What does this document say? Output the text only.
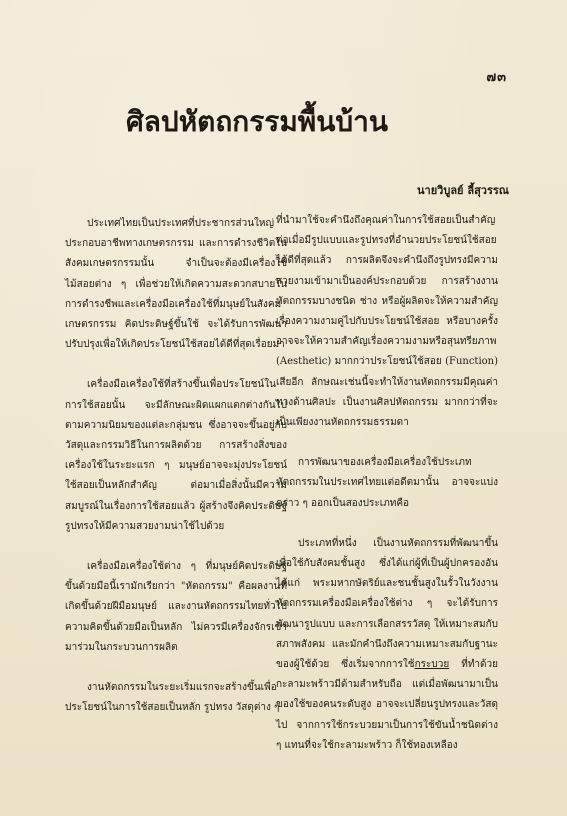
๗๓
ศิลปหัตถกรรมพื้นบ้าน
นายวิบูลย์ ลี้สุวรรณ

ประเทศไทยเป็นประเทศที่ประชากรส่วนใหญ่ประกอบอาชีพทางเกษตรกรรม และการดำรงชีวิตในสังคมเกษตรกรรมนั้น จำเป็นจะต้องมีเครื่องใช้ไม้สอยต่าง ๆ เพื่อช่วยให้เกิดความสะดวกสบายในการดำรงชีพและเครื่องมือเครื่องใช้ที่มนุษย์ในสังคมเกษตรกรรม คิดประดิษฐ์ขึ้นใช้ จะได้รับการพัฒนาปรับปรุงเพื่อให้เกิดประโยชน์ใช้สอยได้ดีที่สุดเรื่อยมา

เครื่องมือเครื่องใช้ที่สร้างขึ้นเพื่อประโยชน์ในการใช้สอยนั้น จะมีลักษณะผิดแผกแตกต่างกันไป ตามความนิยมของแต่ละกลุ่มชน ซึ่งอาจจะขึ้นอยู่กับวัสดุและกรรมวิธีในการผลิตด้วย การสร้างสิ่งของเครื่องใช้ในระยะแรก ๆ มนุษย์อาจจะมุ่งประโยชน์ใช้สอยเป็นหลักสำคัญ ต่อมาเมื่อสิ่งนั้นมีความสมบูรณ์ในเรื่องการใช้สอยแล้ว ผู้สร้างจึงคิดประดิษฐ์รูปทรงให้มีความสวยงามน่าใช้ไปด้วย

เครื่องมือเครื่องใช้ต่าง ๆ ที่มนุษย์คิดประดิษฐ์ขึ้นด้วยมือนี้เรามักเรียกว่า "หัตถกรรม" คือผลงานที่เกิดขึ้นด้วยฝีมือมนุษย์ และงานหัตถกรรมไทยทั่วไปความคิดขึ้นด้วยมือเป็นหลัก ไม่ควรมีเครื่องจักรเข้ามาร่วมในกระบวนการผลิต

งานหัตถกรรมในระยะเริ่มแรกจะสร้างขึ้นเพื่อประโยชน์ในการใช้สอยเป็นหลัก รูปทรง วัสดุต่าง ๆ

ที่นำมาใช้จะคำนึงถึงคุณค่าในการใช้สอยเป็นสำคัญ ต่อเมื่อมีรูปแบบและรูปทรงที่อำนวยประโยชน์ใช้สอยได้ดีที่สุดแล้ว การผลิตจึงจะคำนึงถึงรูปทรงมีความสวยงามเข้ามาเป็นองค์ประกอบด้วย การสร้างงานหัตถกรรมบางชนิด ช่าง หรือผู้ผลิตจะให้ความสำคัญเรื่องความงามคู่ไปกับประโยชน์ใช้สอย หรือบางครั้งอาจจะให้ความสำคัญเรื่องความงามหรือสุนทรียภาพ (Aesthetic) มากกว่าประโยชน์ใช้สอย (Function) เสียอีก ลักษณะเช่นนี้จะทำให้งานหัตถกรรมมีคุณค่าทางด้านศิลปะ เป็นงานศิลปหัตถกรรม มากกว่าที่จะเป็นเพียงงานหัตถกรรมธรรมดา

การพัฒนาของเครื่องมือเครื่องใช้ประเภทหัตถกรรมในประเทศไทยแต่อดีตมานั้น อาจจะแบ่งคร่าว ๆ ออกเป็นสองประเภทคือ

ประเภทที่หนึ่ง เป็นงานหัตถกรรมที่พัฒนาขึ้นเพื่อใช้กับสังคมชั้นสูง ซึ่งได้แก่ผู้ที่เป็นผู้ปกครองอันได้แก่ พระมหากษัตริย์และชนชั้นสูงในรั้วในวังงานหัตถกรรมเครื่องมือเครื่องใช้ต่าง ๆ จะได้รับการพัฒนารูปแบบ และการเลือกสรรวัสดุ ให้เหมาะสมกับสภาพสังคม และมักคำนึงถึงความเหมาะสมกับฐานะของผู้ใช้ด้วย ซึ่งเริ่มจากการใช้กระบวย ที่ทำด้วยกะลามะพร้าวมีด้ามสำหรับถือ แต่เมื่อพัฒนามาเป็นของใช้ของคนระดับสูง อาจจะเปลี่ยนรูปทรงและวัสดุไป จากการใช้กระบวยมาเป็นการใช้ขันน้ำชนิดต่าง ๆ แทนที่จะใช้กะลามะพร้าว ก็ใช้ทองเหลือง
